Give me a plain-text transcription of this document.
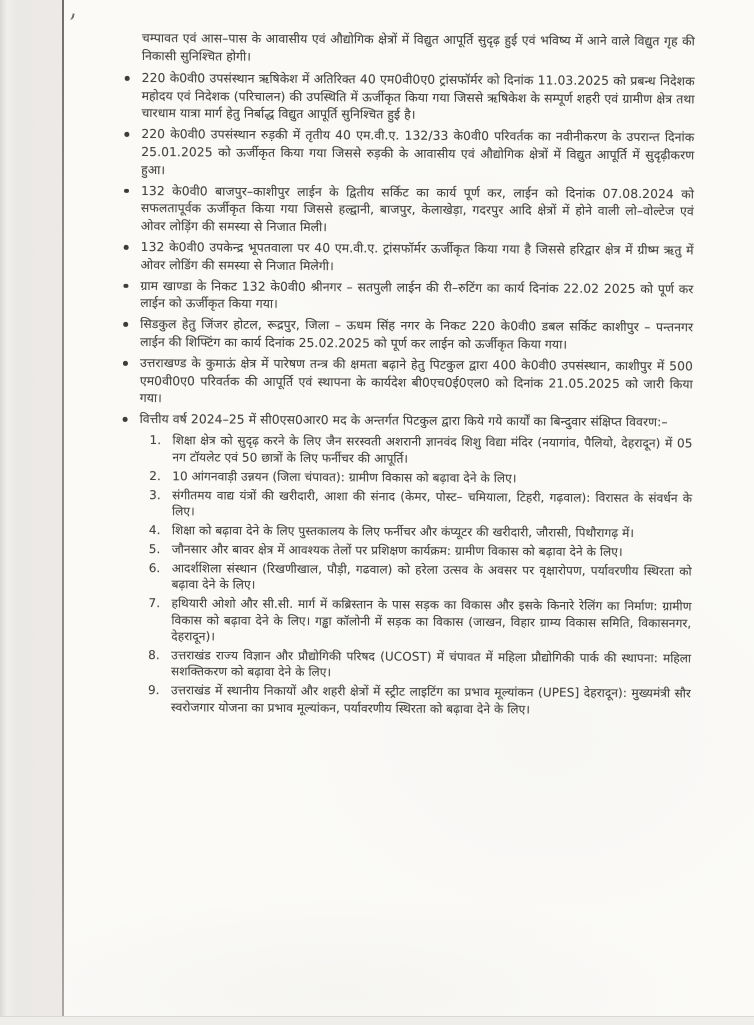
चम्पावत एवं आस–पास के आवासीय एवं औद्योगिक क्षेत्रों में विद्युत आपूर्ति सुदृढ़ हुई एवं भविष्य में आने वाले विद्युत गृह की निकासी सुनिश्चित होगी।

220 के0वी0 उपसंस्थान ऋषिकेश में अतिरिक्त 40 एम0वी0ए0 ट्रांसफॉर्मर को दिनांक 11.03.2025 को प्रबन्ध निदेशक महोदय एवं निदेशक (परिचालन) की उपस्थिति में ऊर्जीकृत किया गया जिससे ऋषिकेश के सम्पूर्ण शहरी एवं ग्रामीण क्षेत्र तथा चारधाम यात्रा मार्ग हेतु निर्बाद्ध विद्युत आपूर्ति सुनिश्चित हुई है।
220 के0वी0 उपसंस्थान रुड़की में तृतीय 40 एम.वी.ए. 132/33 के0वी0 परिवर्तक का नवीनीकरण के उपरान्त दिनांक 25.01.2025 को ऊर्जीकृत किया गया जिससे रुड़की के आवासीय एवं औद्योगिक क्षेत्रों में विद्युत आपूर्ति में सुदृढ़ीकरण हुआ।
132 के0वी0 बाजपुर–काशीपुर लाईन के द्वितीय सर्किट का कार्य पूर्ण कर, लाईन को दिनांक 07.08.2024 को सफलतापूर्वक ऊर्जीकृत किया गया जिससे हल्द्वानी, बाजपुर, केलाखेड़ा, गदरपुर आदि क्षेत्रों में होने वाली लो–वोल्टेज एवं ओवर लोड़िंग की समस्या से निजात मिली।
132 के0वी0 उपकेन्द्र भूपतवाला पर 40 एम.वी.ए. ट्रांसफॉर्मर ऊर्जीकृत किया गया है जिससे हरिद्वार क्षेत्र में ग्रीष्म ऋतु में ओवर लोडिंग की समस्या से निजात मिलेगी।
ग्राम खाण्डा के निकट 132 के0वी0 श्रीनगर – सतपुली लाईन की री–रुटिंग का कार्य दिनांक 22.02 2025 को पूर्ण कर लाईन को ऊर्जीकृत किया गया।
सिडकुल हेतु जिंजर होटल, रूद्रपुर, जिला – ऊधम सिंह नगर के निकट 220 के0वी0 डबल सर्किट काशीपुर – पन्तनगर लाईन की शिफ्टिंग का कार्य दिनांक 25.02.2025 को पूर्ण कर लाईन को ऊर्जीकृत किया गया।
उत्तराखण्ड के कुमाऊं क्षेत्र में पारेषण तन्त्र की क्षमता बढ़ाने हेतु पिटकुल द्वारा 400 के0वी0 उपसंस्थान, काशीपुर में 500 एम0वी0ए0 परिवर्तक की आपूर्ति एवं स्थापना के कार्यदेश बी0एच0ई0एल0 को दिनांक 21.05.2025 को जारी किया गया।
वित्तीय वर्ष 2024–25 में सी0एस0आर0 मद के अन्तर्गत पिटकुल द्वारा किये गये कार्यों का बिन्दुवार संक्षिप्त विवरण:–
1. शिक्षा क्षेत्र को सुदृढ़ करने के लिए जैन सरस्वती अशरानी ज्ञानवंद शिशु विद्या मंदिर (नयागांव, पैलियो, देहरादून) में 05 नग टॉयलेट एवं 50 छात्रों के लिए फर्नीचर की आपूर्ति।
2. 10 आंगनवाड़ी उन्नयन (जिला चंपावत): ग्रामीण विकास को बढ़ावा देने के लिए।
3. संगीतमय वाद्य यंत्रों की खरीदारी, आशा की संनाद (केमर, पोस्ट– चमियाला, टिहरी, गढ़वाल): विरासत के संवर्धन के लिए।
4. शिक्षा को बढ़ावा देने के लिए पुस्तकालय के लिए फर्नीचर और कंप्यूटर की खरीदारी, जौरासी, पिथौरागढ़ में।
5. जौनसार और बावर क्षेत्र में आवश्यक तेलों पर प्रशिक्षण कार्यक्रम: ग्रामीण विकास को बढ़ावा देने के लिए।
6. आदर्शशिला संस्थान (रिखणीखाल, पौड़ी, गढवाल) को हरेला उत्सव के अवसर पर वृक्षारोपण, पर्यावरणीय स्थिरता को बढ़ावा देने के लिए।
7. हथियारी ओशो और सी.सी. मार्ग में कब्रिस्तान के पास सड़क का विकास और इसके किनारे रेलिंग का निर्माण: ग्रामीण विकास को बढ़ावा देने के लिए। गड्ढा कॉलोनी में सड़क का विकास (जाखन, विहार ग्राम्य विकास समिति, विकासनगर, देहरादून)।
8. उत्तराखंड राज्य विज्ञान और प्रौद्योगिकी परिषद (UCOST) में चंपावत में महिला प्रौद्योगिकी पार्क की स्थापना: महिला सशक्तिकरण को बढ़ावा देने के लिए।
9. उत्तराखंड में स्थानीय निकायों और शहरी क्षेत्रों में स्ट्रीट लाइटिंग का प्रभाव मूल्यांकन (UPES] देहरादून): मुख्यमंत्री सौर स्वरोजगार योजना का प्रभाव मूल्यांकन, पर्यावरणीय स्थिरता को बढ़ावा देने के लिए।
